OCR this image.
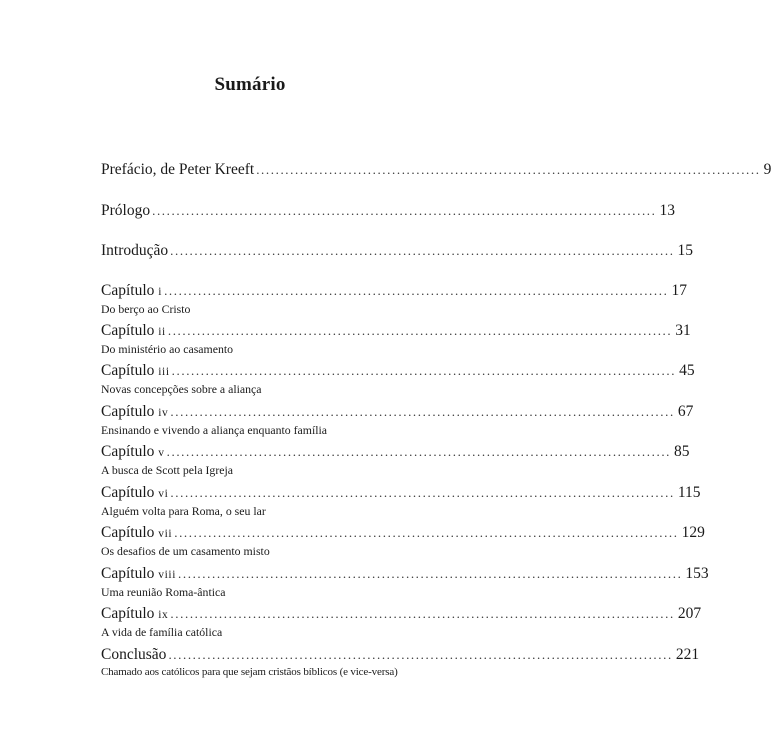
Sumário
Prefácio, de Peter Kreeft ........................................................................................................ 9
Prólogo ........................................................................................................ 13
Introdução ........................................................................................................ 15
Capítulo i ........................................................................................................ 17
Do berço ao Cristo
Capítulo ii ........................................................................................................ 31
Do ministério ao casamento
Capítulo iii ........................................................................................................ 45
Novas concepções sobre a aliança
Capítulo iv ........................................................................................................ 67
Ensinando e vivendo a aliança enquanto família
Capítulo v ........................................................................................................ 85
A busca de Scott pela Igreja
Capítulo vi ........................................................................................................ 115
Alguém volta para Roma, o seu lar
Capítulo vii ........................................................................................................ 129
Os desafios de um casamento misto
Capítulo viii ........................................................................................................ 153
Uma reunião Roma-ântica
Capítulo ix ........................................................................................................ 207
A vida de família católica
Conclusão ........................................................................................................ 221
Chamado aos católicos para que sejam cristãos bíblicos (e vice-versa)
